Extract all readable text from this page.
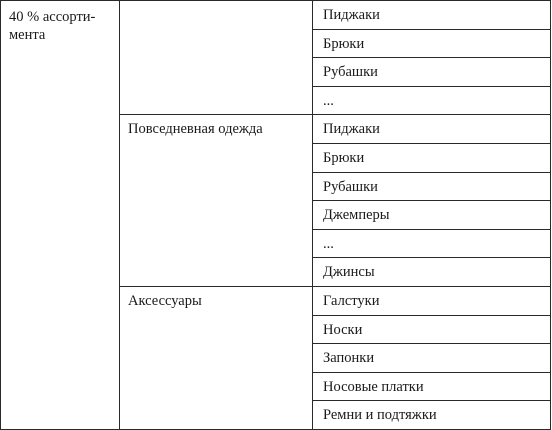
40 % ассорти-
мента		Пиджаки

		Брюки

		Рубашки

		...

	Повседневная одежда	Пиджаки

		Брюки

		Рубашки

		Джемперы

		...

		Джинсы

	Аксессуары	Галстуки

		Носки

		Запонки

		Носовые платки

		Ремни и подтяжки
